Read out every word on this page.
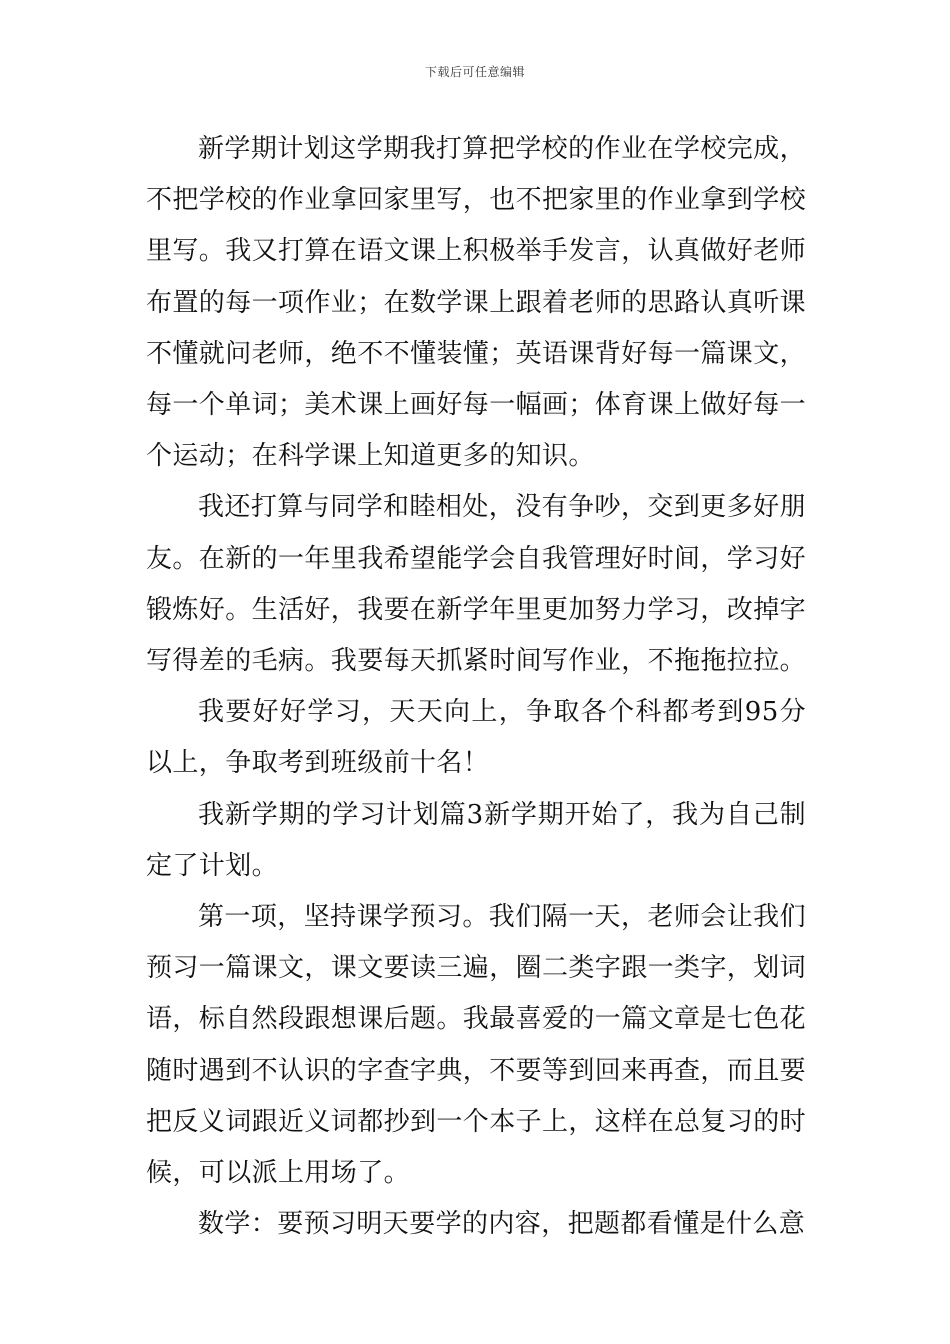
下载后可任意编辑

新学期计划这学期我打算把学校的作业在学校完成，不把学校的作业拿回家里写，也不把家里的作业拿到学校里写。我又打算在语文课上积极举手发言，认真做好老师布置的每一项作业；在数学课上跟着老师的思路认真听课不懂就问老师，绝不不懂装懂；英语课背好每一篇课文，每一个单词；美术课上画好每一幅画；体育课上做好每一个运动；在科学课上知道更多的知识。

我还打算与同学和睦相处，没有争吵，交到更多好朋友。在新的一年里我希望能学会自我管理好时间，学习好锻炼好。生活好，我要在新学年里更加努力学习，改掉字写得差的毛病。我要每天抓紧时间写作业，不拖拖拉拉。

我要好好学习，天天向上，争取各个科都考到95分以上，争取考到班级前十名！

我新学期的学习计划篇3新学期开始了，我为自己制定了计划。

第一项，坚持课学预习。我们隔一天，老师会让我们预习一篇课文，课文要读三遍，圈二类字跟一类字，划词语，标自然段跟想课后题。我最喜爱的一篇文章是七色花随时遇到不认识的字查字典，不要等到回来再查，而且要把反义词跟近义词都抄到一个本子上，这样在总复习的时候，可以派上用场了。

数学：要预习明天要学的内容，把题都看懂是什么意
